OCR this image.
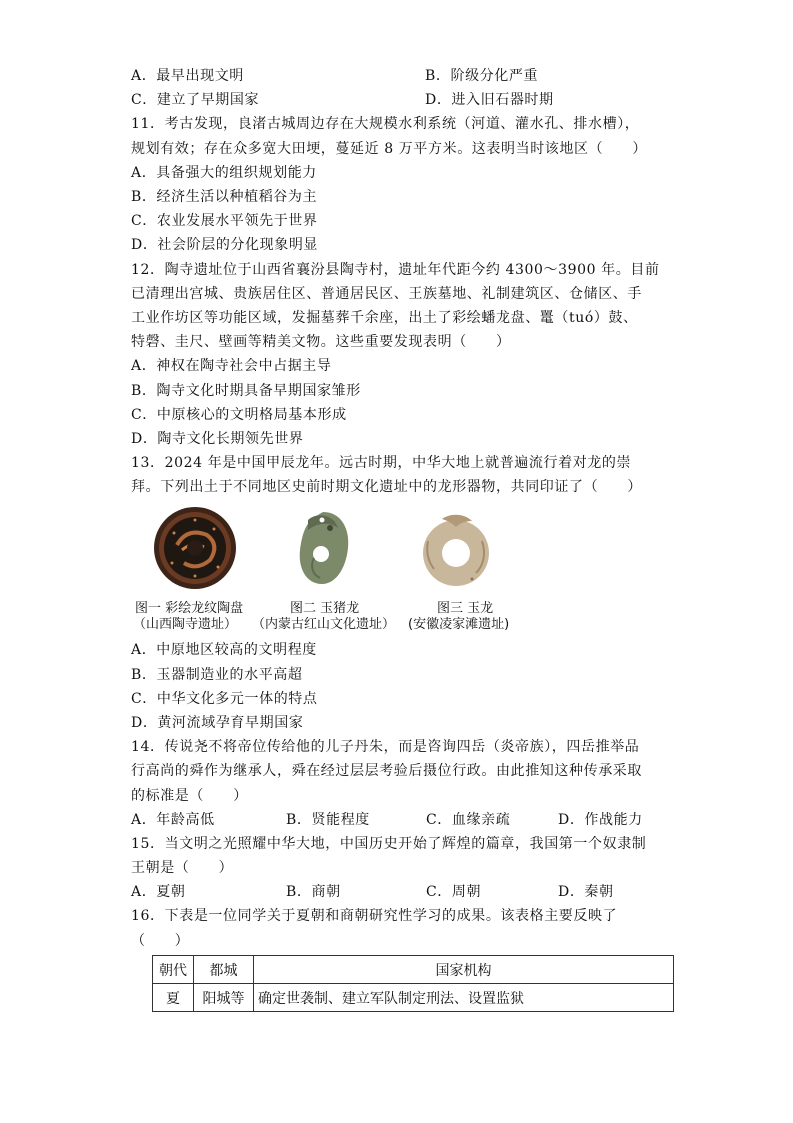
A．最早出现文明	B．阶级分化严重
C．建立了早期国家	D．进入旧石器时期
11．考古发现，良渚古城周边存在大规模水利系统（河道、灌水孔、排水槽），
规划有效；存在众多宽大田埂，蔓延近 8 万平方米。这表明当时该地区（　　）
A．具备强大的组织规划能力
B．经济生活以种植稻谷为主
C．农业发展水平领先于世界
D．社会阶层的分化现象明显
12．陶寺遗址位于山西省襄汾县陶寺村，遗址年代距今约 4300～3900 年。目前
已清理出宫城、贵族居住区、普通居民区、王族墓地、礼制建筑区、仓储区、手
工业作坊区等功能区域，发掘墓葬千余座，出土了彩绘蟠龙盘、鼍（tuó）鼓、
特磬、圭尺、壁画等精美文物。这些重要发现表明（　　）
A．神权在陶寺社会中占据主导
B．陶寺文化时期具备早期国家雏形
C．中原核心的文明格局基本形成
D．陶寺文化长期领先世界
13．2024 年是中国甲辰龙年。远古时期，中华大地上就普遍流行着对龙的崇
拜。下列出土于不同地区史前时期文化遗址中的龙形器物，共同印证了（　　）
图一 彩绘龙纹陶盘	图二 玉猪龙	图三 玉龙
（山西陶寺遗址） （内蒙古红山文化遗址） (安徽凌家滩遗址)
A．中原地区较高的文明程度
B．玉器制造业的水平高超
C．中华文化多元一体的特点
D．黄河流域孕育早期国家
14．传说尧不将帝位传给他的儿子丹朱，而是咨询四岳（炎帝族），四岳推举品
行高尚的舜作为继承人，舜在经过层层考验后摄位行政。由此推知这种传承采取
的标准是（　　）
A．年龄高低	B．贤能程度	C．血缘亲疏	D．作战能力
15．当文明之光照耀中华大地，中国历史开始了辉煌的篇章，我国第一个奴隶制
王朝是（　　）
A．夏朝	B．商朝	C．周朝	D．秦朝
16．下表是一位同学关于夏朝和商朝研究性学习的成果。该表格主要反映了
（　　）
朝代	都城	国家机构
夏	阳城等	确定世袭制、建立军队制定刑法、设置监狱
